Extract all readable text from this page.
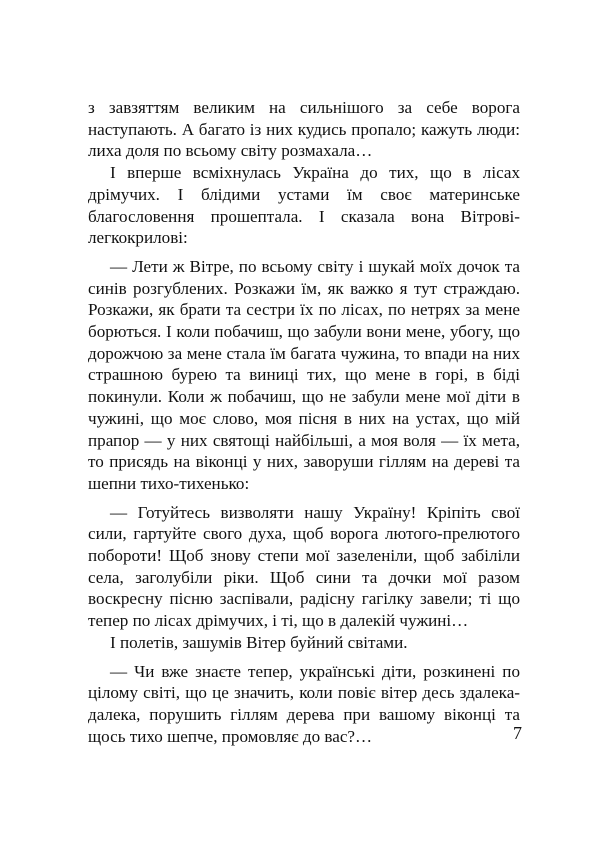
з завзяттям великим на сильнішого за себе ворога наступають. А багато із них кудись пропало; кажуть люди: лиха доля по всьому світу розмахала…

І вперше всміхнулась Україна до тих, що в лісах дрімучих. І блідими устами їм своє материнське благословення прошептала. І сказала вона Вітрові-легкокрилові:

— Лети ж Вітре, по всьому світу і шукай моїх дочок та синів розгублених. Розкажи їм, як важко я тут страждаю. Розкажи, як брати та сестри їх по лісах, по нетрях за мене борються. І коли побачиш, що забули вони мене, убогу, що дорожчою за мене стала їм багата чужина, то впади на них страшною бурею та виниці тих, що мене в горі, в біді покинули. Коли ж побачиш, що не забули мене мої діти в чужині, що моє слово, моя пісня в них на устах, що мій прапор — у них святощі найбільші, а моя воля — їх мета, то присядь на віконці у них, заворуши гіллям на дереві та шепни тихо-тихенько:

— Готуйтесь визволяти нашу Україну! Кріпіть свої сили, гартуйте свого духа, щоб ворога лютого-прелютого побороти! Щоб знову степи мої зазеленіли, щоб забіліли села, заголубіли ріки. Щоб сини та дочки мої разом воскресну пісню заспівали, радісну гагілку завели; ті що тепер по лісах дрімучих, і ті, що в далекій чужині…

І полетів, зашумів Вітер буйний світами.

— Чи вже знаєте тепер, українські діти, розкинені по цілому світі, що це значить, коли повіє вітер десь здалека-далека, порушить гіллям дерева при вашому віконці та щось тихо шепче, промовляє до вас?…	7
